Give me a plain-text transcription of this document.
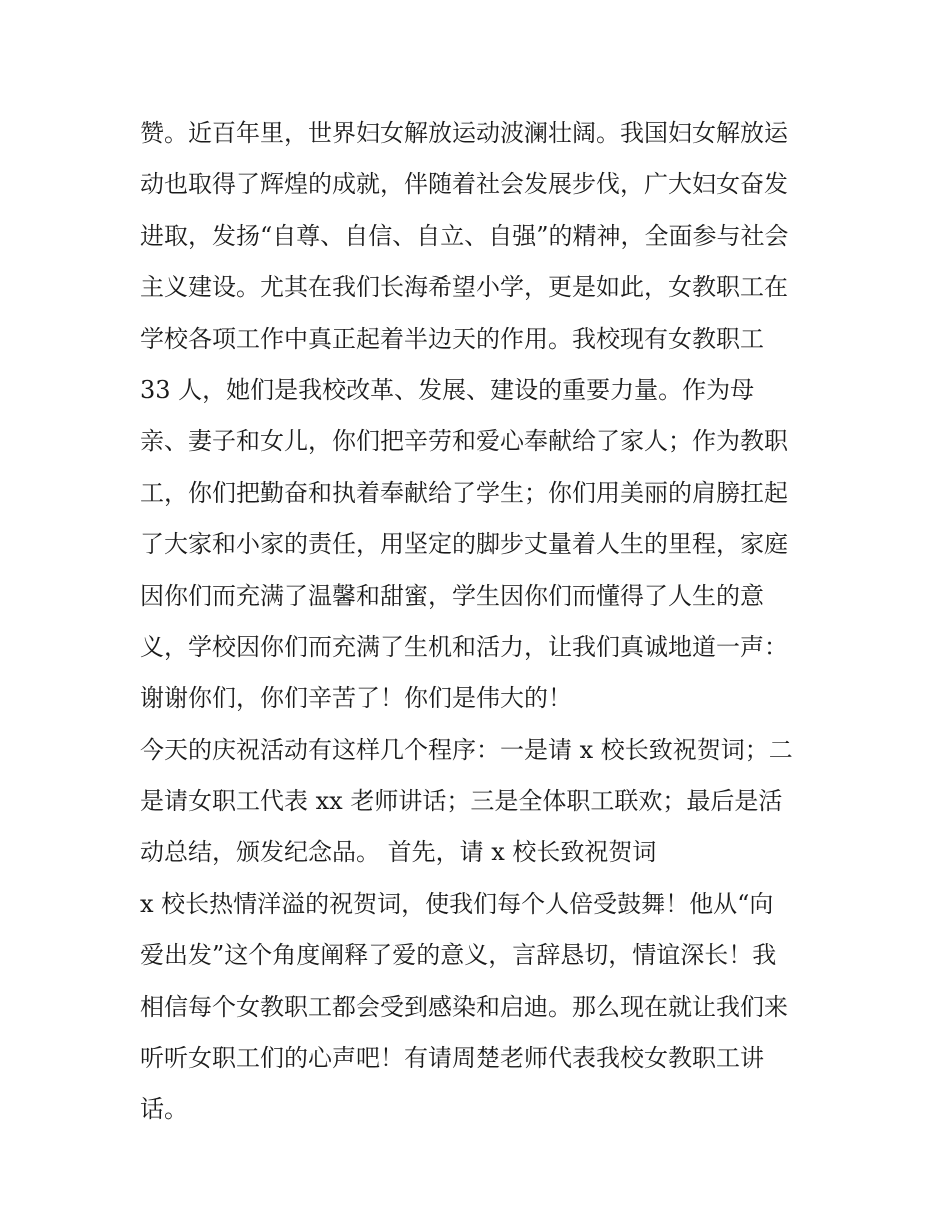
赞。近百年里，世界妇女解放运动波澜壮阔。我国妇女解放运
动也取得了辉煌的成就，伴随着社会发展步伐，广大妇女奋发
进取，发扬“自尊、自信、自立、自强”的精神，全面参与社会
主义建设。尤其在我们长海希望小学，更是如此，女教职工在
学校各项工作中真正起着半边天的作用。我校现有女教职工
33 人，她们是我校改革、发展、建设的重要力量。作为母
亲、妻子和女儿，你们把辛劳和爱心奉献给了家人；作为教职
工，你们把勤奋和执着奉献给了学生；你们用美丽的肩膀扛起
了大家和小家的责任，用坚定的脚步丈量着人生的里程，家庭
因你们而充满了温馨和甜蜜，学生因你们而懂得了人生的意
义，学校因你们而充满了生机和活力，让我们真诚地道一声：
谢谢你们，你们辛苦了！你们是伟大的！
今天的庆祝活动有这样几个程序：一是请 x 校长致祝贺词；二
是请女职工代表 xx 老师讲话；三是全体职工联欢；最后是活
动总结，颁发纪念品。 首先，请 x 校长致祝贺词
x 校长热情洋溢的祝贺词，使我们每个人倍受鼓舞！他从“向
爱出发”这个角度阐释了爱的意义，言辞恳切，情谊深长！我
相信每个女教职工都会受到感染和启迪。那么现在就让我们来
听听女职工们的心声吧！有请周楚老师代表我校女教职工讲
话。
